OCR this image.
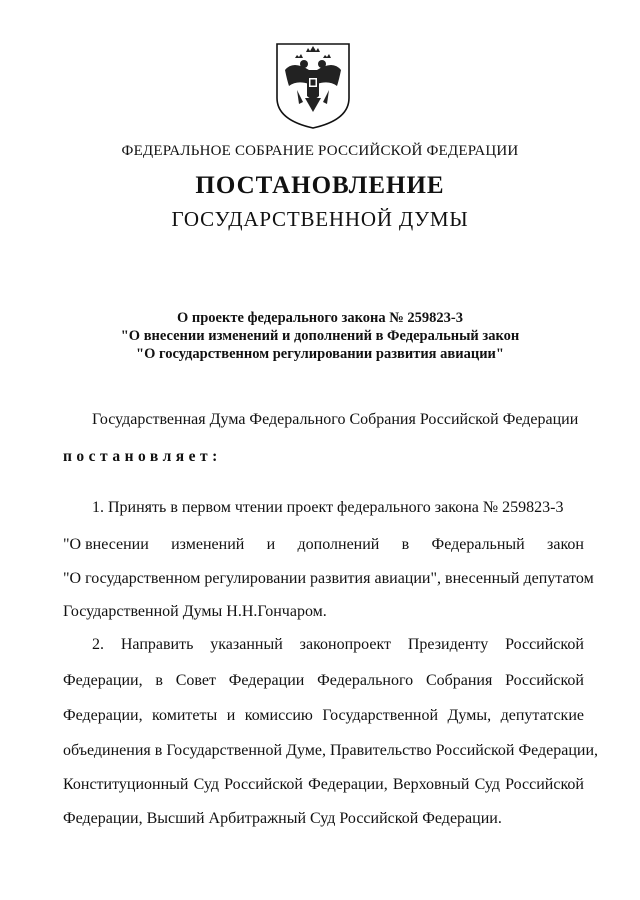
ФЕДЕРАЛЬНОЕ СОБРАНИЕ РОССИЙСКОЙ ФЕДЕРАЦИИ
ПОСТАНОВЛЕНИЕ
ГОСУДАРСТВЕННОЙ ДУМЫ
О проекте федерального закона № 259823-3
"О внесении изменений и дополнений в Федеральный закон
"О государственном регулировании развития авиации"
Государственная Дума Федерального Собрания Российской Федерации
постановляет:
1. Принять в первом чтении проект федерального закона № 259823-3
"О внесении изменений и дополнений в Федеральный закон
"О государственном регулировании развития авиации", внесенный депутатом
Государственной Думы Н.Н.Гончаром.
2. Направить указанный законопроект Президенту Российской
Федерации, в Совет Федерации Федерального Собрания Российской
Федерации, комитеты и комиссию Государственной Думы, депутатские
объединения в Государственной Думе, Правительство Российской Федерации,
Конституционный Суд Российской Федерации, Верховный Суд Российской
Федерации, Высший Арбитражный Суд Российской Федерации.
